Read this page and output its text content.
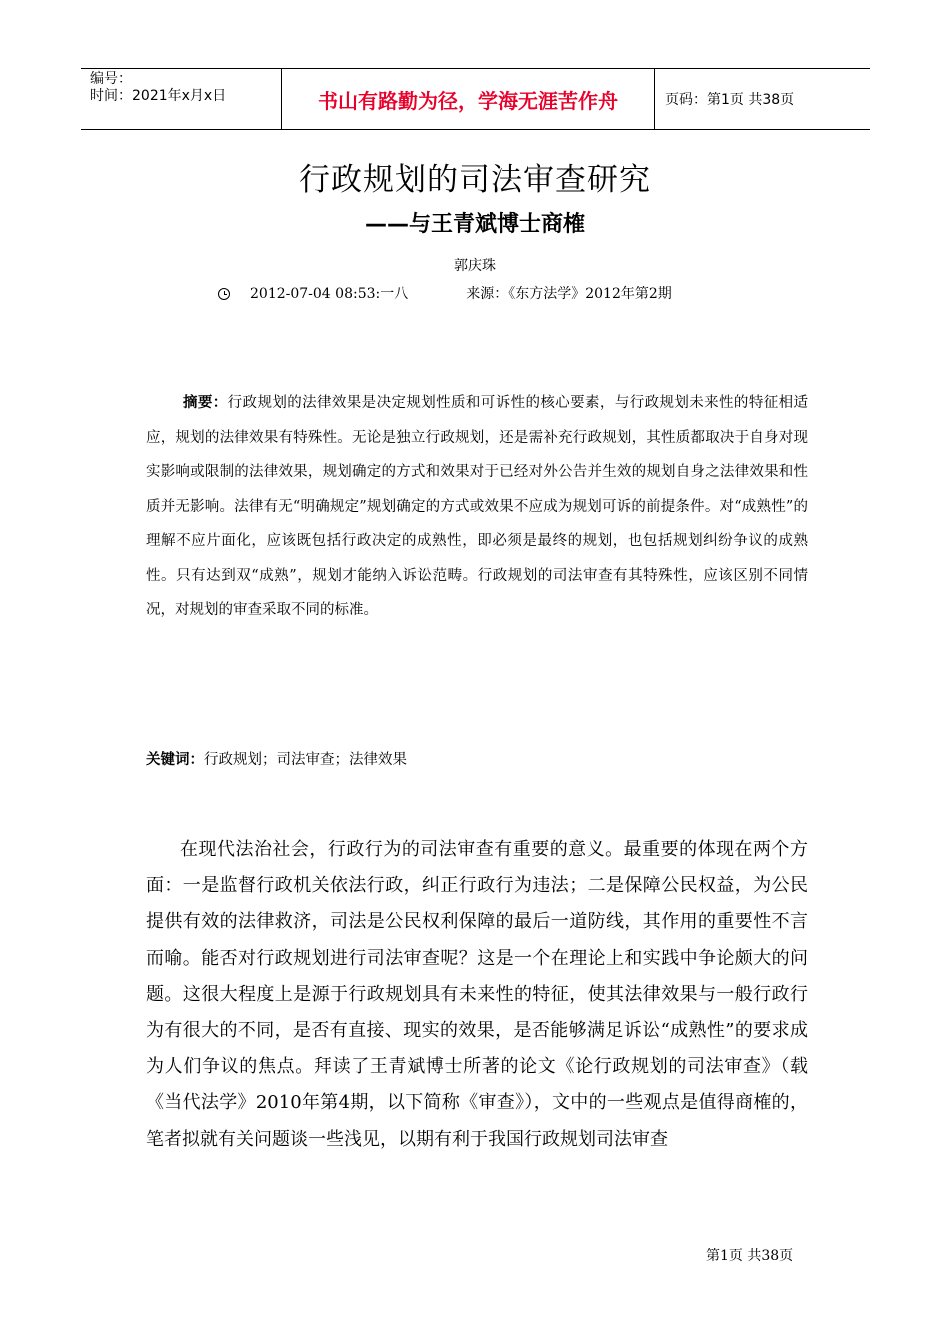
编号：
时间：2021年x月x日	书山有路勤为径，学海无涯苦作舟	页码：第1页 共38页
行政规划的司法审查研究
——与王青斌博士商榷
郭庆珠
2012-07-04 08:53:一八	来源：《东方法学》2012年第2期

摘要：行政规划的法律效果是决定规划性质和可诉性的核心要素，与行政规划未来性的特征相适应，规划的法律效果有特殊性。无论是独立行政规划，还是需补充行政规划，其性质都取决于自身对现实影响或限制的法律效果，规划确定的方式和效果对于已经对外公告并生效的规划自身之法律效果和性质并无影响。法律有无“明确规定”规划确定的方式或效果不应成为规划可诉的前提条件。对“成熟性”的理解不应片面化，应该既包括行政决定的成熟性，即必须是最终的规划，也包括规划纠纷争议的成熟性。只有达到双“成熟”，规划才能纳入诉讼范畴。行政规划的司法审查有其特殊性，应该区别不同情况，对规划的审查采取不同的标准。

关键词：行政规划；司法审查；法律效果

在现代法治社会，行政行为的司法审查有重要的意义。最重要的体现在两个方面：一是监督行政机关依法行政，纠正行政行为违法；二是保障公民权益，为公民提供有效的法律救济，司法是公民权利保障的最后一道防线，其作用的重要性不言而喻。能否对行政规划进行司法审查呢？这是一个在理论上和实践中争论颇大的问题。这很大程度上是源于行政规划具有未来性的特征，使其法律效果与一般行政行为有很大的不同，是否有直接、现实的效果，是否能够满足诉讼“成熟性”的要求成为人们争议的焦点。拜读了王青斌博士所著的论文《论行政规划的司法审查》（载《当代法学》2010年第4期，以下简称《审查》），文中的一些观点是值得商榷的，笔者拟就有关问题谈一些浅见，以期有利于我国行政规划司法审查

第1页 共38页
